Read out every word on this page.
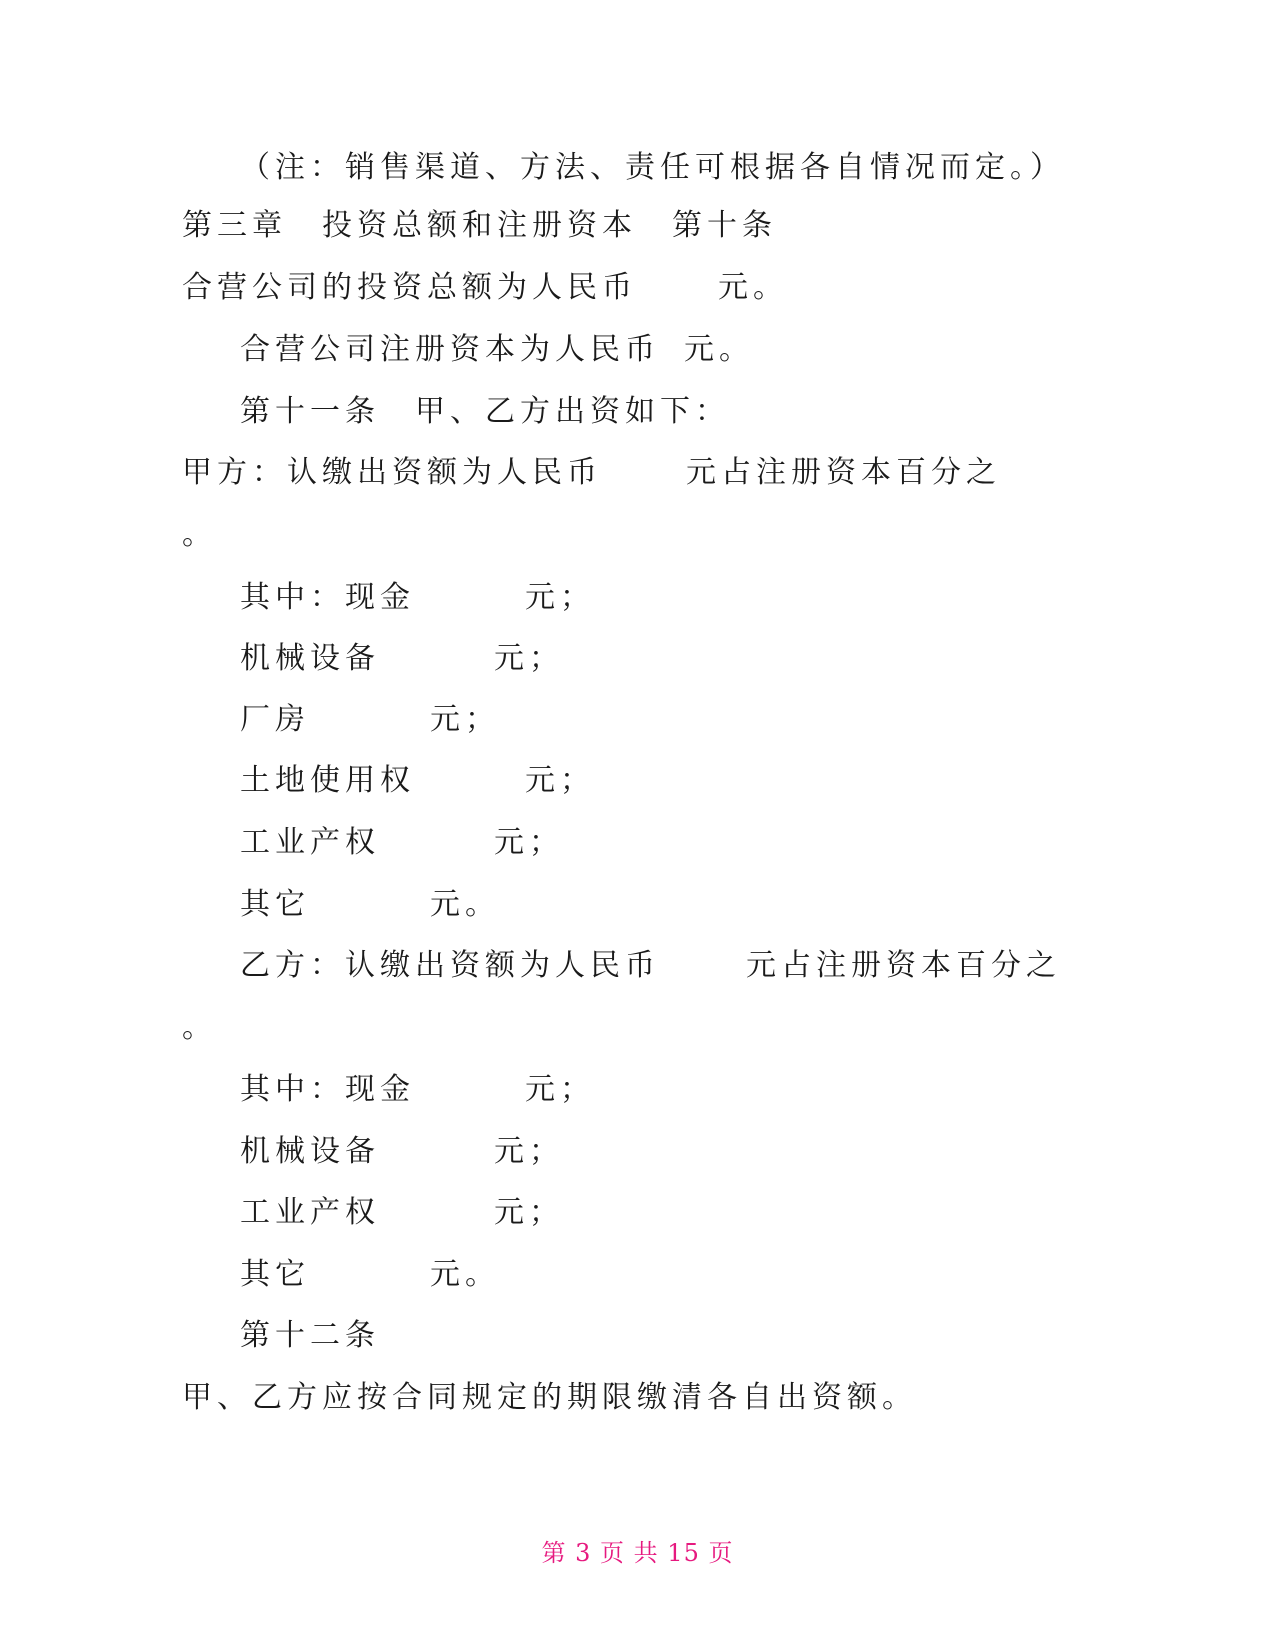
（注：销售渠道、方法、责任可根据各自情况而定。）
第三章　投资总额和注册资本 第十条
合营公司的投资总额为人民币	元。
合营公司注册资本为人民币 元。
第十一条　甲、乙方出资如下：
甲方：认缴出资额为人民币	元占注册资本百分之
。
其中：现金	元；
机械设备	元；
厂房	元；
土地使用权	元；
工业产权	元；
其它	元。
乙方：认缴出资额为人民币	元占注册资本百分之
。
其中：现金	元；
机械设备	元；
工业产权	元；
其它	元。
第十二条
甲、乙方应按合同规定的期限缴清各自出资额。
第 3 页 共 15 页
